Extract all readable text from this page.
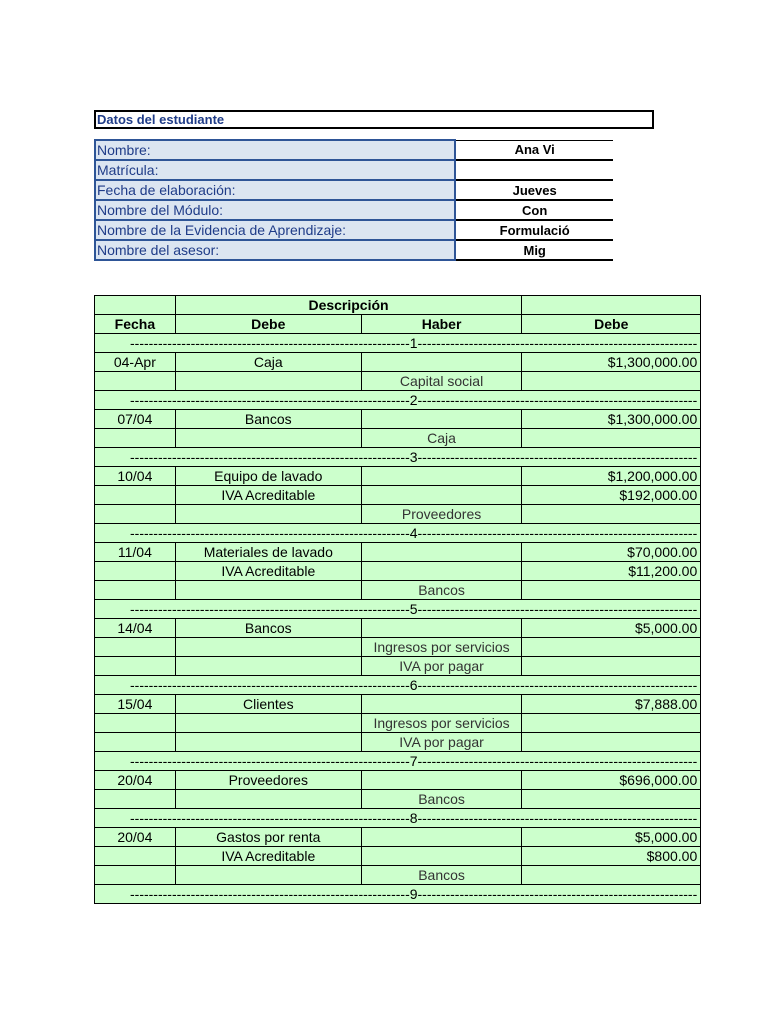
Datos del estudiante
Nombre:	Ana Vi
Matrícula:	
Fecha de elaboración:	Jueves
Nombre del Módulo:	Con
Nombre de la Evidencia de Aprendizaje:	Formulació
Nombre del asesor:	Mig
	Descripción		
Fecha	Debe	Haber	Debe
------------------------------------------------------------1------------------------------------------------------------			
04-Apr	Caja		$1,300,000.00
		Capital social	
------------------------------------------------------------2------------------------------------------------------------			
07/04	Bancos		$1,300,000.00
		Caja	
------------------------------------------------------------3------------------------------------------------------------			
10/04	Equipo de lavado		$1,200,000.00
	IVA Acreditable		$192,000.00
		Proveedores	
------------------------------------------------------------4------------------------------------------------------------			
11/04	Materiales de lavado		$70,000.00
	IVA Acreditable		$11,200.00
		Bancos	
------------------------------------------------------------5------------------------------------------------------------			
14/04	Bancos		$5,000.00
		Ingresos por servicios	
		IVA por pagar	
------------------------------------------------------------6------------------------------------------------------------			
15/04	Clientes		$7,888.00
		Ingresos por servicios	
		IVA por pagar	
------------------------------------------------------------7------------------------------------------------------------			
20/04	Proveedores		$696,000.00
		Bancos	
------------------------------------------------------------8------------------------------------------------------------			
20/04	Gastos por renta		$5,000.00
	IVA Acreditable		$800.00
		Bancos	
------------------------------------------------------------9------------------------------------------------------------			
